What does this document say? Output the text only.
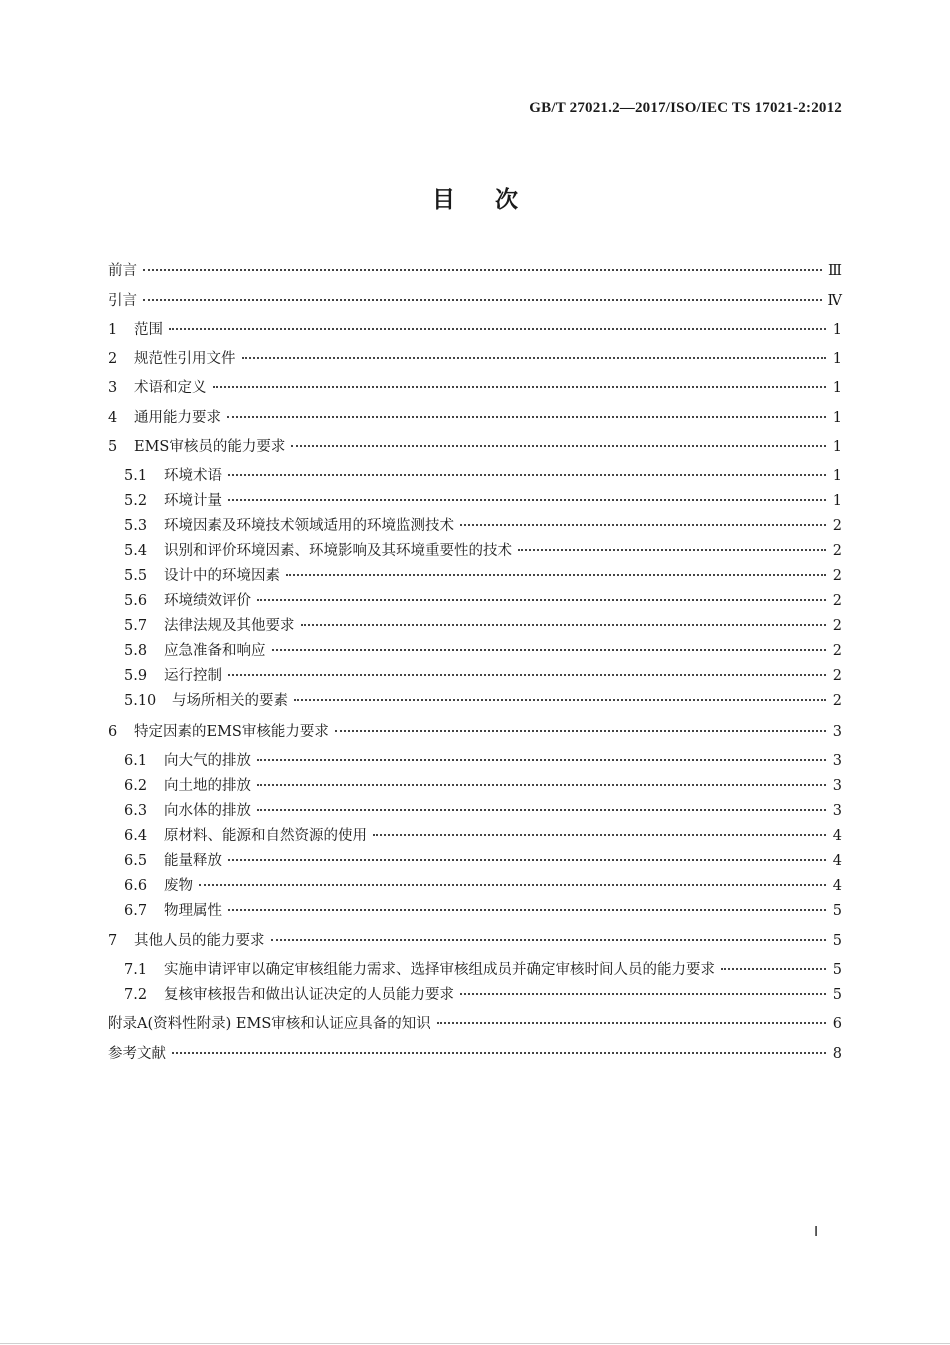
GB/T 27021.2—2017/ISO/IEC TS 17021-2:2012
目次
前言	Ⅲ
引言	Ⅳ
1	范围	1
2	规范性引用文件	1
3	术语和定义	1
4	通用能力要求	1
5	EMS审核员的能力要求	1
5.1	环境术语	1
5.2	环境计量	1
5.3	环境因素及环境技术领域适用的环境监测技术	2
5.4	识别和评价环境因素、环境影响及其环境重要性的技术	2
5.5	设计中的环境因素	2
5.6	环境绩效评价	2
5.7	法律法规及其他要求	2
5.8	应急准备和响应	2
5.9	运行控制	2
5.10	与场所相关的要素	2
6	特定因素的EMS审核能力要求	3
6.1	向大气的排放	3
6.2	向土地的排放	3
6.3	向水体的排放	3
6.4	原材料、能源和自然资源的使用	4
6.5	能量释放	4
6.6	废物	4
6.7	物理属性	5
7	其他人员的能力要求	5
7.1	实施申请评审以确定审核组能力需求、选择审核组成员并确定审核时间人员的能力要求	5
7.2	复核审核报告和做出认证决定的人员能力要求	5
附录A(资料性附录) EMS审核和认证应具备的知识	6
参考文献	8
Ⅰ
